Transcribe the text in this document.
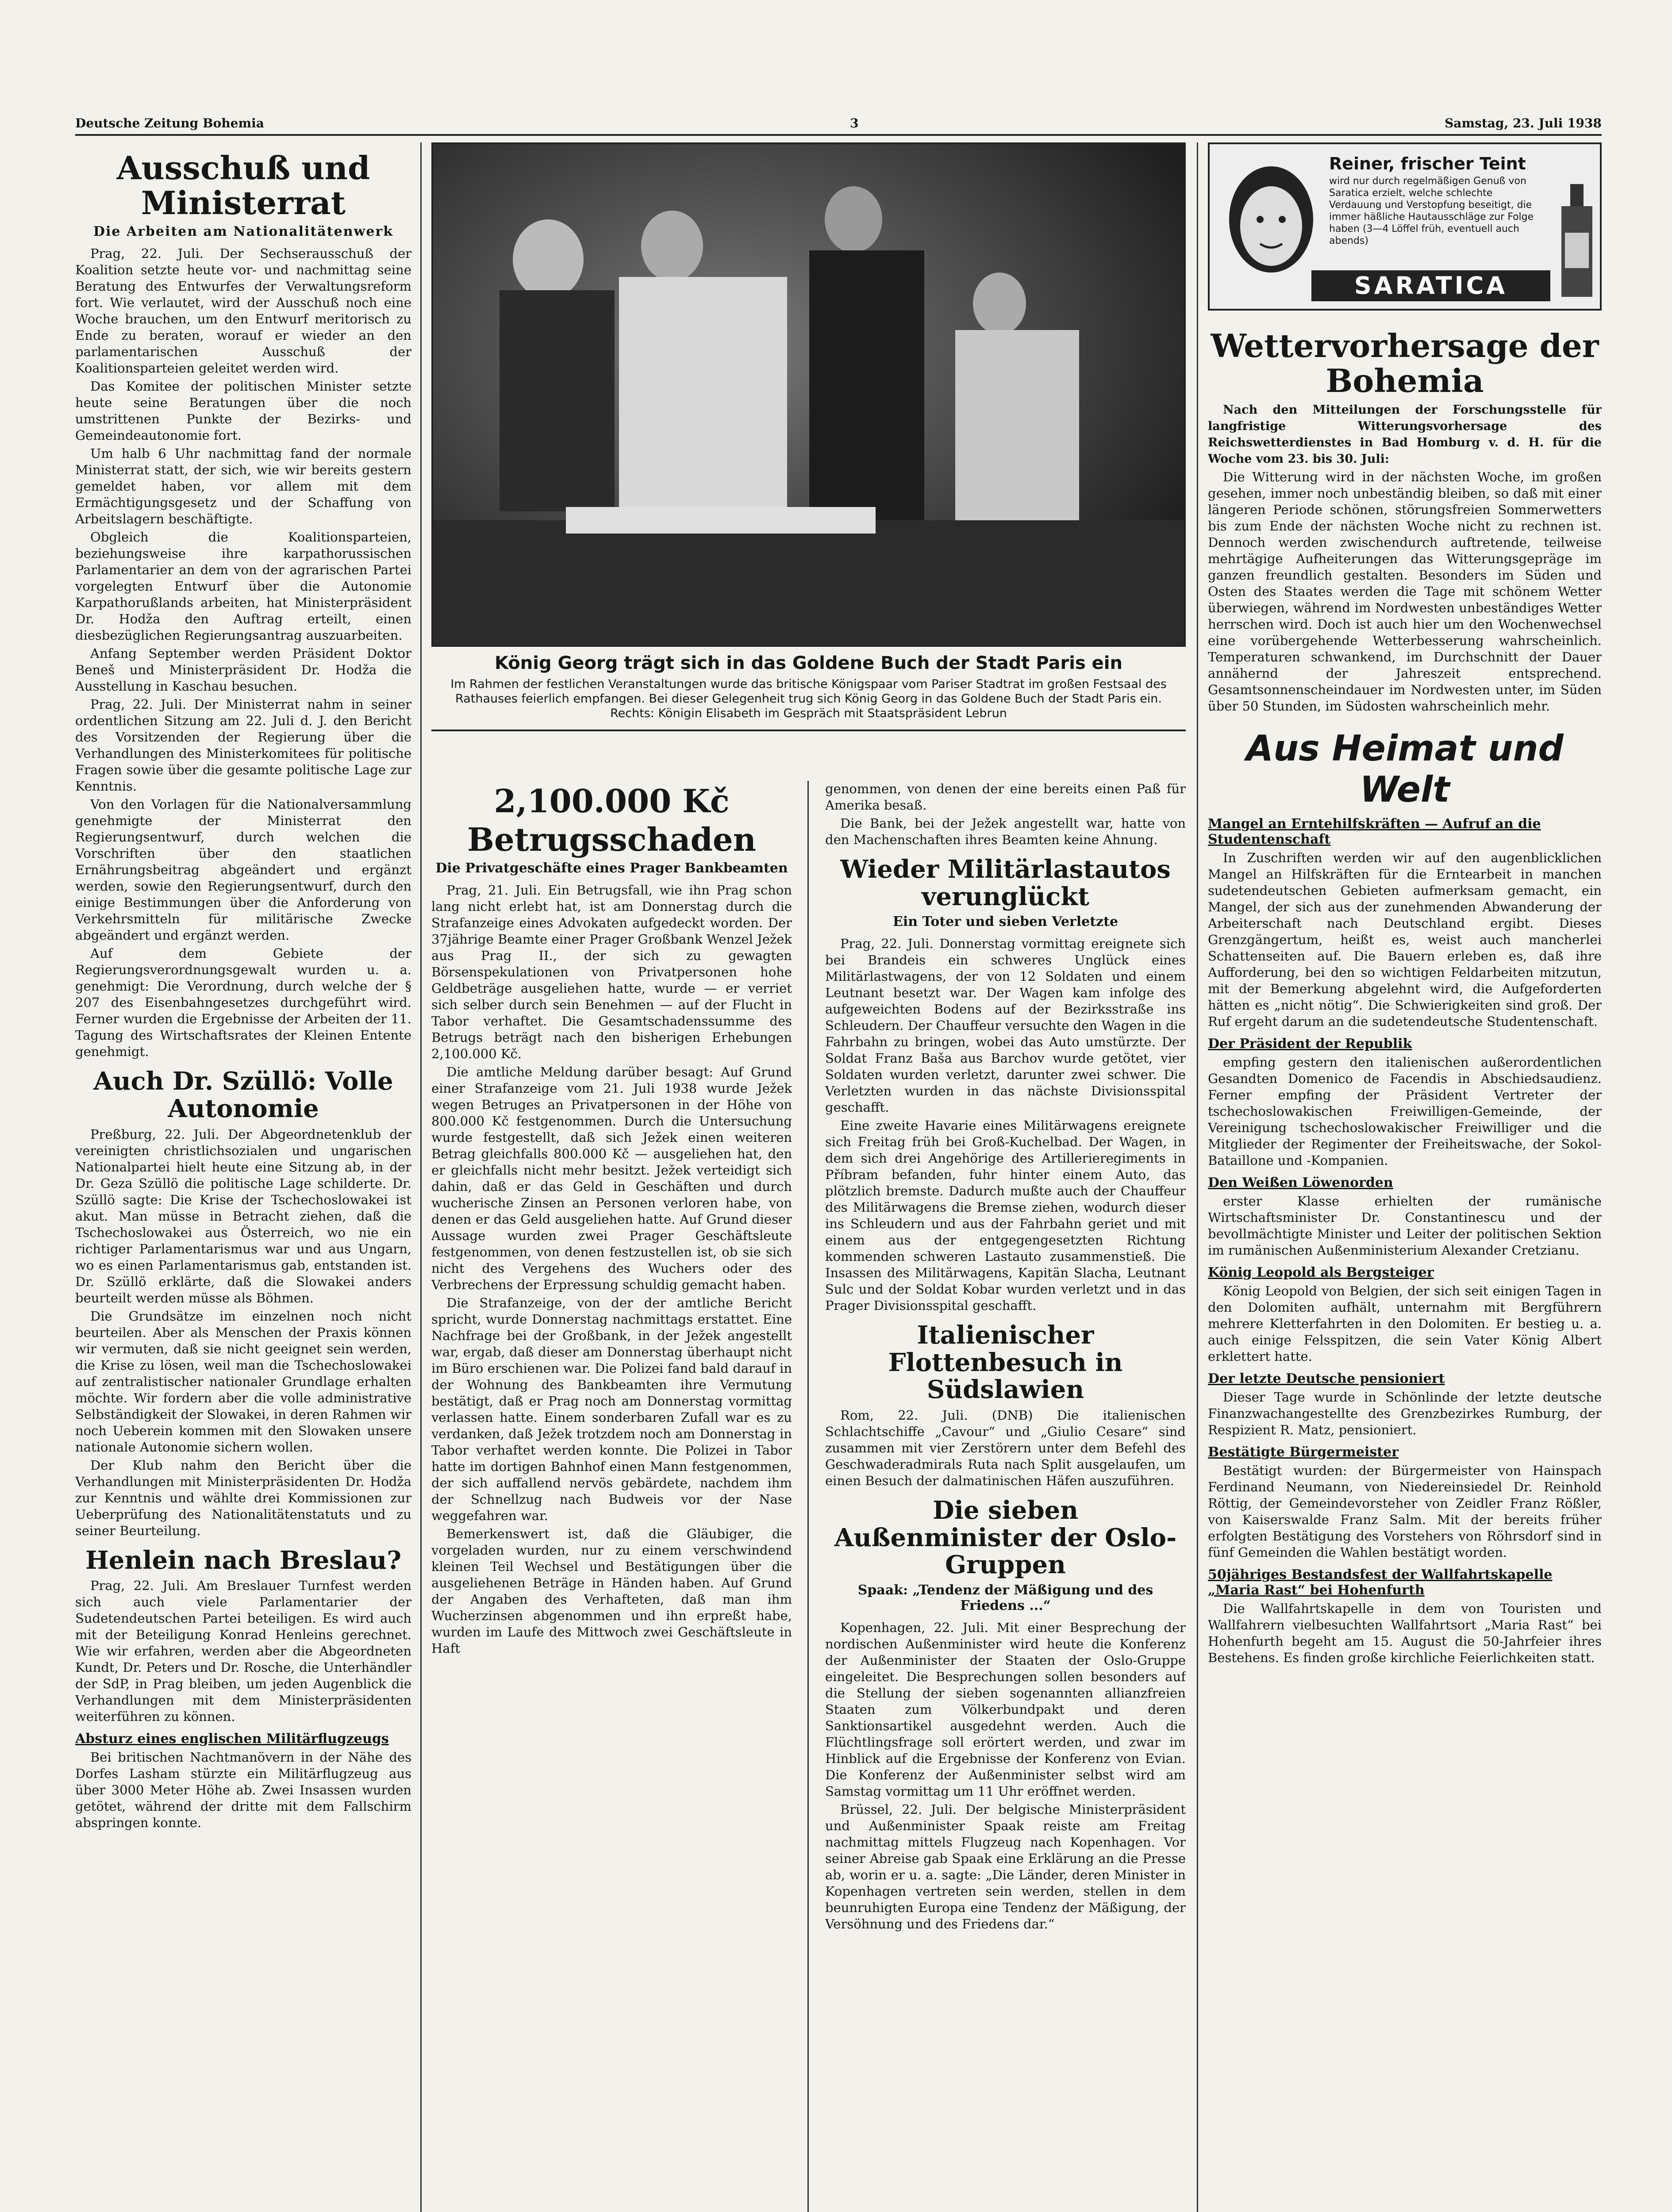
Deutsche Zeitung Bohemia	3	Samstag, 23. Juli 1938
Ausschuß und Ministerrat
Die Arbeiten am Nationalitätenwerk

Prag, 22. Juli. Der Sechserausschuß der Koalition setzte heute vor- und nachmittag seine Beratung des Entwurfes der Verwaltungsreform fort. Wie verlautet, wird der Ausschuß noch eine Woche brauchen, um den Entwurf meritorisch zu Ende zu beraten, worauf er wieder an den parlamentarischen Ausschuß der Koalitionsparteien geleitet werden wird.

Das Komitee der politischen Minister setzte heute seine Beratungen über die noch umstrittenen Punkte der Bezirks- und Gemeindeautonomie fort.

Um halb 6 Uhr nachmittag fand der normale Ministerrat statt, der sich, wie wir bereits gestern gemeldet haben, vor allem mit dem Ermächtigungsgesetz und der Schaffung von Arbeitslagern beschäftigte.

Obgleich die Koalitionsparteien, beziehungsweise ihre karpathorussischen Parlamentarier an dem von der agrarischen Partei vorgelegten Entwurf über die Autonomie Karpathorußlands arbeiten, hat Ministerpräsident Dr. Hodža den Auftrag erteilt, einen diesbezüglichen Regierungsantrag auszuarbeiten.

Anfang September werden Präsident Doktor Beneš und Ministerpräsident Dr. Hodža die Ausstellung in Kaschau besuchen.

Prag, 22. Juli. Der Ministerrat nahm in seiner ordentlichen Sitzung am 22. Juli d. J. den Bericht des Vorsitzenden der Regierung über die Verhandlungen des Ministerkomitees für politische Fragen sowie über die gesamte politische Lage zur Kenntnis.

Von den Vorlagen für die Nationalversammlung genehmigte der Ministerrat den Regierungsentwurf, durch welchen die Vorschriften über den staatlichen Ernährungsbeitrag abgeändert und ergänzt werden, sowie den Regierungsentwurf, durch den einige Bestimmungen über die Anforderung von Verkehrsmitteln für militärische Zwecke abgeändert und ergänzt werden.

Auf dem Gebiete der Regierungsverordnungsgewalt wurden u. a. genehmigt: Die Verordnung, durch welche der § 207 des Eisenbahngesetzes durchgeführt wird. Ferner wurden die Ergebnisse der Arbeiten der 11. Tagung des Wirtschaftsrates der Kleinen Entente genehmigt.

Auch Dr. Szüllö: Volle Autonomie

Preßburg, 22. Juli. Der Abgeordnetenklub der vereinigten christlichsozialen und ungarischen Nationalpartei hielt heute eine Sitzung ab, in der Dr. Geza Szüllö die politische Lage schilderte. Dr. Szüllö sagte: Die Krise der Tschechoslowakei ist akut. Man müsse in Betracht ziehen, daß die Tschechoslowakei aus Österreich, wo nie ein richtiger Parlamentarismus war und aus Ungarn, wo es einen Parlamentarismus gab, entstanden ist. Dr. Szüllö erklärte, daß die Slowakei anders beurteilt werden müsse als Böhmen.

Die Grundsätze im einzelnen noch nicht beurteilen. Aber als Menschen der Praxis können wir vermuten, daß sie nicht geeignet sein werden, die Krise zu lösen, weil man die Tschechoslowakei auf zentralistischer nationaler Grundlage erhalten möchte. Wir fordern aber die volle administrative Selbständigkeit der Slowakei, in deren Rahmen wir noch Ueberein kommen mit den Slowaken unsere nationale Autonomie sichern wollen.

Der Klub nahm den Bericht über die Verhandlungen mit Ministerpräsidenten Dr. Hodža zur Kenntnis und wählte drei Kommissionen zur Ueberprüfung des Nationalitätenstatuts und zu seiner Beurteilung.

Henlein nach Breslau?

Prag, 22. Juli. Am Breslauer Turnfest werden sich auch viele Parlamentarier der Sudetendeutschen Partei beteiligen. Es wird auch mit der Beteiligung Konrad Henleins gerechnet. Wie wir erfahren, werden aber die Abgeordneten Kundt, Dr. Peters und Dr. Rosche, die Unterhändler der SdP, in Prag bleiben, um jeden Augenblick die Verhandlungen mit dem Ministerpräsidenten weiterführen zu können.

Absturz eines englischen Militärflugzeugs

Bei britischen Nachtmanövern in der Nähe des Dorfes Lasham stürzte ein Militärflugzeug aus über 3000 Meter Höhe ab. Zwei Insassen wurden getötet, während der dritte mit dem Fallschirm abspringen konnte.

König Georg trägt sich in das Goldene Buch der Stadt Paris ein
Im Rahmen der festlichen Veranstaltungen wurde das britische Königspaar vom Pariser Stadtrat im großen Festsaal des Rathauses feierlich empfangen. Bei dieser Gelegenheit trug sich König Georg in das Goldene Buch der Stadt Paris ein. Rechts: Königin Elisabeth im Gespräch mit Staatspräsident Lebrun
2,100.000 Kč
Betrugsschaden
Die Privatgeschäfte eines Prager Bankbeamten

Prag, 21. Juli. Ein Betrugsfall, wie ihn Prag schon lang nicht erlebt hat, ist am Donnerstag durch die Strafanzeige eines Advokaten aufgedeckt worden. Der 37jährige Beamte einer Prager Großbank Wenzel Ježek aus Prag II., der sich zu gewagten Börsenspekulationen von Privatpersonen hohe Geldbeträge ausgeliehen hatte, wurde — er verriet sich selber durch sein Benehmen — auf der Flucht in Tabor verhaftet. Die Gesamtschadenssumme des Betrugs beträgt nach den bisherigen Erhebungen 2,100.000 Kč.

Die amtliche Meldung darüber besagt: Auf Grund einer Strafanzeige vom 21. Juli 1938 wurde Ježek wegen Betruges an Privatpersonen in der Höhe von 800.000 Kč festgenommen. Durch die Untersuchung wurde festgestellt, daß sich Ježek einen weiteren Betrag gleichfalls 800.000 Kč — ausgeliehen hat, den er gleichfalls nicht mehr besitzt. Ježek verteidigt sich dahin, daß er das Geld in Geschäften und durch wucherische Zinsen an Personen verloren habe, von denen er das Geld ausgeliehen hatte. Auf Grund dieser Aussage wurden zwei Prager Geschäftsleute festgenommen, von denen festzustellen ist, ob sie sich nicht des Vergehens des Wuchers oder des Verbrechens der Erpressung schuldig gemacht haben.

Die Strafanzeige, von der der amtliche Bericht spricht, wurde Donnerstag nachmittags erstattet. Eine Nachfrage bei der Großbank, in der Ježek angestellt war, ergab, daß dieser am Donnerstag überhaupt nicht im Büro erschienen war. Die Polizei fand bald darauf in der Wohnung des Bankbeamten ihre Vermutung bestätigt, daß er Prag noch am Donnerstag vormittag verlassen hatte. Einem sonderbaren Zufall war es zu verdanken, daß Ježek trotzdem noch am Donnerstag in Tabor verhaftet werden konnte. Die Polizei in Tabor hatte im dortigen Bahnhof einen Mann festgenommen, der sich auffallend nervös gebärdete, nachdem ihm der Schnellzug nach Budweis vor der Nase weggefahren war.

Bemerkenswert ist, daß die Gläubiger, die vorgeladen wurden, nur zu einem verschwindend kleinen Teil Wechsel und Bestätigungen über die ausgeliehenen Beträge in Händen haben. Auf Grund der Angaben des Verhafteten, daß man ihm Wucherzinsen abgenommen und ihn erpreßt habe, wurden im Laufe des Mittwoch zwei Geschäftsleute in Haft

genommen, von denen der eine bereits einen Paß für Amerika besaß.

Die Bank, bei der Ježek angestellt war, hatte von den Machenschaften ihres Beamten keine Ahnung.

Wieder Militärlastautos verunglückt
Ein Toter und sieben Verletzte

Prag, 22. Juli. Donnerstag vormittag ereignete sich bei Brandeis ein schweres Unglück eines Militärlastwagens, der von 12 Soldaten und einem Leutnant besetzt war. Der Wagen kam infolge des aufgeweichten Bodens auf der Bezirksstraße ins Schleudern. Der Chauffeur versuchte den Wagen in die Fahrbahn zu bringen, wobei das Auto umstürzte. Der Soldat Franz Baša aus Barchov wurde getötet, vier Soldaten wurden verletzt, darunter zwei schwer. Die Verletzten wurden in das nächste Divisionsspital geschafft.

Eine zweite Havarie eines Militärwagens ereignete sich Freitag früh bei Groß-Kuchelbad. Der Wagen, in dem sich drei Angehörige des Artillerieregiments in Příbram befanden, fuhr hinter einem Auto, das plötzlich bremste. Dadurch mußte auch der Chauffeur des Militärwagens die Bremse ziehen, wodurch dieser ins Schleudern und aus der Fahrbahn geriet und mit einem aus der entgegengesetzten Richtung kommenden schweren Lastauto zusammenstieß. Die Insassen des Militärwagens, Kapitän Slacha, Leutnant Sulc und der Soldat Kobar wurden verletzt und in das Prager Divisionsspital geschafft.

Italienischer Flottenbesuch in Südslawien

Rom, 22. Juli. (DNB) Die italienischen Schlachtschiffe „Cavour“ und „Giulio Cesare“ sind zusammen mit vier Zerstörern unter dem Befehl des Geschwaderadmirals Ruta nach Split ausgelaufen, um einen Besuch der dalmatinischen Häfen auszuführen.

Die sieben Außenminister der Oslo-Gruppen
Spaak: „Tendenz der Mäßigung und des Friedens ...“

Kopenhagen, 22. Juli. Mit einer Besprechung der nordischen Außenminister wird heute die Konferenz der Außenminister der Staaten der Oslo-Gruppe eingeleitet. Die Besprechungen sollen besonders auf die Stellung der sieben sogenannten allianzfreien Staaten zum Völkerbundpakt und deren Sanktionsartikel ausgedehnt werden. Auch die Flüchtlingsfrage soll erörtert werden, und zwar im Hinblick auf die Ergebnisse der Konferenz von Evian. Die Konferenz der Außenminister selbst wird am Samstag vormittag um 11 Uhr eröffnet werden.

Brüssel, 22. Juli. Der belgische Ministerpräsident und Außenminister Spaak reiste am Freitag nachmittag mittels Flugzeug nach Kopenhagen. Vor seiner Abreise gab Spaak eine Erklärung an die Presse ab, worin er u. a. sagte: „Die Länder, deren Minister in Kopenhagen vertreten sein werden, stellen in dem beunruhigten Europa eine Tendenz der Mäßigung, der Versöhnung und des Friedens dar.“

Reiner, frischer Teint
wird nur durch regelmäßigen Genuß von Saratica erzielt, welche schlechte Verdauung und Verstopfung beseitigt, die immer häßliche Hautausschläge zur Folge haben (3—4 Löffel früh, eventuell auch abends)
SARATICA
Wettervorhersage der Bohemia

Nach den Mitteilungen der Forschungsstelle für langfristige Witterungsvorhersage des Reichswetterdienstes in Bad Homburg v. d. H. für die Woche vom 23. bis 30. Juli:

Die Witterung wird in der nächsten Woche, im großen gesehen, immer noch unbeständig bleiben, so daß mit einer längeren Periode schönen, störungsfreien Sommerwetters bis zum Ende der nächsten Woche nicht zu rechnen ist. Dennoch werden zwischendurch auftretende, teilweise mehrtägige Aufheiterungen das Witterungsgepräge im ganzen freundlich gestalten. Besonders im Süden und Osten des Staates werden die Tage mit schönem Wetter überwiegen, während im Nordwesten unbeständiges Wetter herrschen wird. Doch ist auch hier um den Wochenwechsel eine vorübergehende Wetterbesserung wahrscheinlich. Temperaturen schwankend, im Durchschnitt der Dauer annähernd der Jahreszeit entsprechend. Gesamtsonnenscheindauer im Nordwesten unter, im Süden über 50 Stunden, im Südosten wahrscheinlich mehr.

Aus Heimat und Welt
Mangel an Erntehilfskräften — Aufruf an die Studentenschaft

In Zuschriften werden wir auf den augenblicklichen Mangel an Hilfskräften für die Erntearbeit in manchen sudetendeutschen Gebieten aufmerksam gemacht, ein Mangel, der sich aus der zunehmenden Abwanderung der Arbeiterschaft nach Deutschland ergibt. Dieses Grenzgängertum, heißt es, weist auch mancherlei Schattenseiten auf. Die Bauern erleben es, daß ihre Aufforderung, bei den so wichtigen Feldarbeiten mitzutun, mit der Bemerkung abgelehnt wird, die Aufgeforderten hätten es „nicht nötig“. Die Schwierigkeiten sind groß. Der Ruf ergeht darum an die sudetendeutsche Studentenschaft.

Der Präsident der Republik

empfing gestern den italienischen außerordentlichen Gesandten Domenico de Facendis in Abschiedsaudienz. Ferner empfing der Präsident Vertreter der tschechoslowakischen Freiwilligen-Gemeinde, der Vereinigung tschechoslowakischer Freiwilliger und die Mitglieder der Regimenter der Freiheitswache, der Sokol-Bataillone und -Kompanien.

Den Weißen Löwenorden

erster Klasse erhielten der rumänische Wirtschaftsminister Dr. Constantinescu und der bevollmächtigte Minister und Leiter der politischen Sektion im rumänischen Außenministerium Alexander Cretzianu.

König Leopold als Bergsteiger

König Leopold von Belgien, der sich seit einigen Tagen in den Dolomiten aufhält, unternahm mit Bergführern mehrere Kletterfahrten in den Dolomiten. Er bestieg u. a. auch einige Felsspitzen, die sein Vater König Albert erklettert hatte.

Der letzte Deutsche pensioniert

Dieser Tage wurde in Schönlinde der letzte deutsche Finanzwachangestellte des Grenzbezirkes Rumburg, der Respizient R. Matz, pensioniert.

Bestätigte Bürgermeister

Bestätigt wurden: der Bürgermeister von Hainspach Ferdinand Neumann, von Niedereinsiedel Dr. Reinhold Röttig, der Gemeindevorsteher von Zeidler Franz Rößler, von Kaiserswalde Franz Salm. Mit der bereits früher erfolgten Bestätigung des Vorstehers von Röhrsdorf sind in fünf Gemeinden die Wahlen bestätigt worden.

50jähriges Bestandsfest der Wallfahrtskapelle „Maria Rast“ bei Hohenfurth

Die Wallfahrtskapelle in dem von Touristen und Wallfahrern vielbesuchten Wallfahrtsort „Maria Rast“ bei Hohenfurth begeht am 15. August die 50-Jahrfeier ihres Bestehens. Es finden große kirchliche Feierlichkeiten statt.
